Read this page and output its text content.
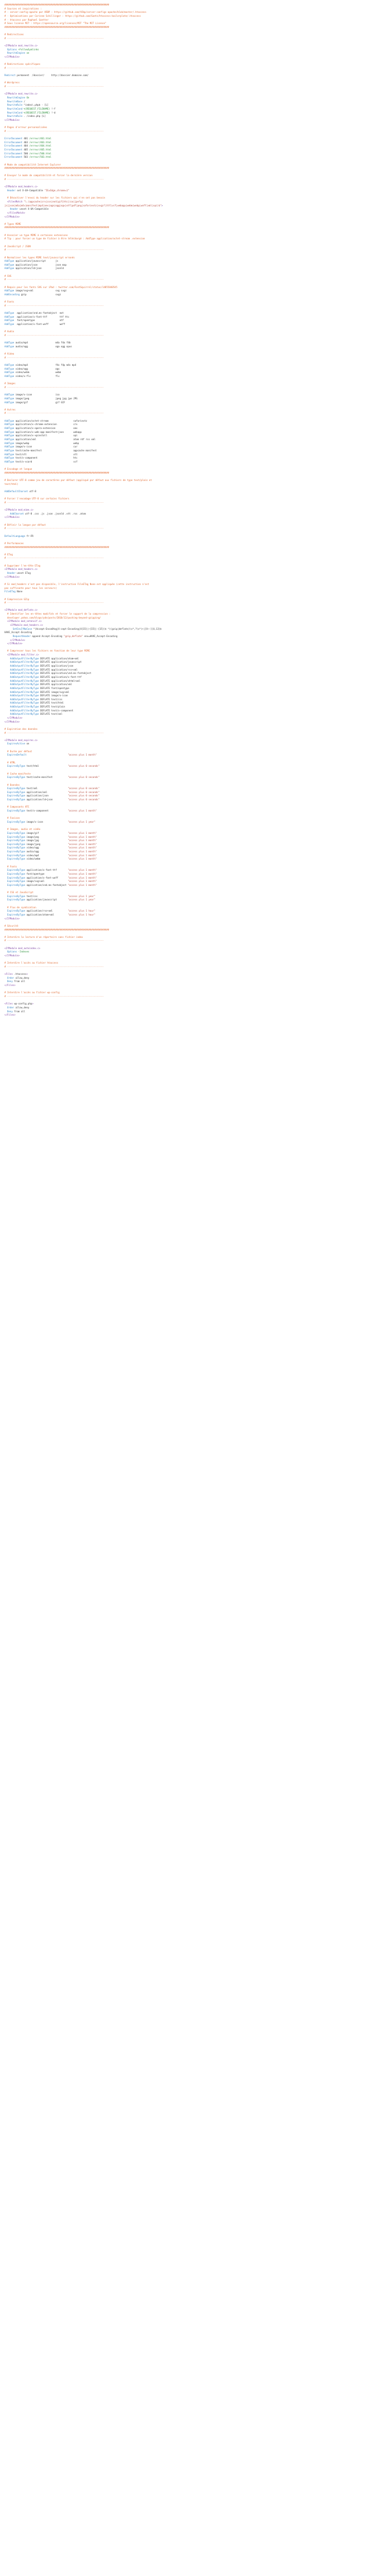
############################################################################
# Sources et inspirations :
# - server-config-apache par H5BP : https://github.com/h5bp/server-configs-apache/blob/master/.htaccess
# - Optimisations par Corinne Schillinger : https://github.com/Goetz/htaccess-boilerplate/.htaccess
# - htaccess par Raphael Goetter
# Sous licence MIT : https://opensource.org/licenses/MIT "The MIT License"
############################################################################

# Redirections
# ----------------------------------------------------------------------

<IfModule mod_rewrite.c>
Options +FollowSymlinks
RewriteEngine on
</IfModule>

# Redirections spécifiques
# ----------------------------------------------------------------------

Redirect permanent  /dossier/     http://dossier.domaine.com/

# Wordpress
# ----------------------------------------------------------------------

<IfModule mod_rewrite.c>
RewriteEngine On
RewriteBase /
RewriteRule ^index\.php$ - [L]
RewriteCond %{REQUEST_FILENAME} !-f
RewriteCond %{REQUEST_FILENAME} !-d
RewriteRule . /index.php [L]
</IfModule>

# Pages d'erreur personnalisées
# ----------------------------------------------------------------------

ErrorDocument 401 /erreur/401.html
ErrorDocument 403 /erreur/403.html
ErrorDocument 404 /erreur/404.html
ErrorDocument 405 /erreur/405.html
ErrorDocument 500 /erreur/500.html
ErrorDocument 503 /erreur/503.html

# Mode de compatibilité Internet Explorer
############################################################################

# Envoyer le mode de compatibilité et forcer la dernière version
# ----------------------------------------------------------------------

<IfModule mod_headers.c>
Header set X-UA-Compatible "IE=Edge,chrome=1"

# Désactiver l'envoi du header sur les fichiers qui n'en ont pas besoin
<FilesMatch "\.(appcache|crx|css|eot|gif|htc|ico|jpe?g|
js|json|m4a|m4v|manifest|mp4|oex|oga|ogg|ogv|otf|pdf|png|safariextz|svgz?|ttf|vcf|webapp|webm|webp|woff|xml|xpi)$">
Header unset X-UA-Compatible
</FilesMatch>
</IfModule>

# Types MIME
############################################################################

# Associer un type MIME à certaines extensions
# Tip : pour forcer un type de fichier à être téléchargé : AddType application/octet-stream .extension

# JavaScript / JSON
# ----------------------------------------------------------------------

# Normaliser les types MIME text/javascript erronés
AddType application/javascript       js
AddType application/json             json map
AddType application/ld+json          jsonld

# SVG
# ----------------------------------------------------------------------

# Requis pour les fonts SVG sur iPad : twitter.com/FontSquirrel/status/14855840545
AddType image/svg+xml                svg svgz
AddEncoding gzip                     svgz

# Fonts
# ----------------------------------------------------------------------

AddType  application/vnd.ms-fontobject  eot
AddType  application/x-font-ttf         ttf ttc
AddType  font/opentype                  otf
AddType  application/x-font-woff        woff

# Audio
# ----------------------------------------------------------------------

AddType audio/mp4                    m4a f4a f4b
AddType audio/ogg                    oga ogg opus

# Video
# ----------------------------------------------------------------------

AddType video/mp4                    f4v f4p m4v mp4
AddType video/ogg                    ogv
AddType video/webm                   webm
AddType video/x-flv                  flv

# Images
# ----------------------------------------------------------------------

AddType image/x-icon                 ico
AddType image/jpeg                   jpeg jpg jpe JPG
AddType image/gif                    gif GIF

# Autres
# ----------------------------------------------------------------------

AddType application/octet-stream                  safariextz
AddType application/x-chrome-extension            crx
AddType application/x-opera-extension             oex
AddType application/x-web-app-manifest+json       webapp
AddType application/x-xpinstall                   xpi
AddType application/xml                           atom rdf rss xml
AddType image/webp                                webp
AddType image/x-icon                              cur
AddType text/cache-manifest                       appcache manifest
AddType text/vtt                                  vtt
AddType text/x-component                          htc
AddType text/x-vcard                              vcf

# Encodage et langue
############################################################################

# Declarer UTF-8 comme jeu de caractères par défaut (appliqué par défaut aux fichiers de type text/plain et
text/html)

AddDefaultCharset utf-8

# Forcer l'encodage UTF-8 sur certains fichiers
# ----------------------------------------------------------------------

<IfModule mod_mime.c>
AddCharset utf-8 .css .js .json .jsonld .vtt .rss .atom
</IfModule>

# Définir la langue par défaut
# ----------------------------------------------------------------------

DefaultLanguage fr-FR

# Performances
############################################################################

# ETag
# ----------------------------------------------------------------------

# Supprimer l'en-tête ETag
<IfModule mod_headers.c>
Header unset ETag
</IfModule>

# Si mod_headers n'est pas disponible, l'instruction FileETag None est appliquée (cette instruction n'est
pas suffisante pour tous les serveurs)
FileETag None

# Compression GZip
# ----------------------------------------------------------------------

<IfModule mod_deflate.c>
# Identifier les en-têtes modifiés et forcer le support de la compression :
developer.yahoo.com/blogs/ydn/posts/2010/12/pushing-beyond-gzipping/
<IfModule mod_setenvif.c>
<IfModule mod_headers.c>
SetEnvIfNoCase ^(Accept-EncodXng|X-cept-Encoding|X{15}|~{15}|-{15})$ ^((gzip|deflate)\s*,?\s*)+|[X~-]{4,13}$
HAVE_Accept-Encoding
RequestHeader append Accept-Encoding "gzip,deflate" env=HAVE_Accept-Encoding
</IfModule>
</IfModule>

# Compresser tous les fichiers en fonction de leur type MIME
<IfModule mod_filter.c>
AddOutputFilterByType DEFLATE application/atom+xml
AddOutputFilterByType DEFLATE application/javascript
AddOutputFilterByType DEFLATE application/json
AddOutputFilterByType DEFLATE application/rss+xml
AddOutputFilterByType DEFLATE application/vnd.ms-fontobject
AddOutputFilterByType DEFLATE application/x-font-ttf
AddOutputFilterByType DEFLATE application/xhtml+xml
AddOutputFilterByType DEFLATE application/xml
AddOutputFilterByType DEFLATE font/opentype
AddOutputFilterByType DEFLATE image/svg+xml
AddOutputFilterByType DEFLATE image/x-icon
AddOutputFilterByType DEFLATE text/css
AddOutputFilterByType DEFLATE text/html
AddOutputFilterByType DEFLATE text/plain
AddOutputFilterByType DEFLATE text/x-component
AddOutputFilterByType DEFLATE text/xml
</IfModule>
</IfModule>

# Expiration des données
# ----------------------------------------------------------------------

<IfModule mod_expires.c>
ExpiresActive on

# Durée par défaut
ExpiresDefault                              "access plus 1 month"

# HTML
ExpiresByType text/html                     "access plus 0 seconds"

# Cache manifeste
ExpiresByType text/cache-manifest           "access plus 0 seconds"

# Données
ExpiresByType text/xml                      "access plus 0 seconds"
ExpiresByType application/xml               "access plus 0 seconds"
ExpiresByType application/json              "access plus 0 seconds"
ExpiresByType application/ld+json           "access plus 0 seconds"

# Composants HTC
ExpiresByType text/x-component              "access plus 1 month"

# Favicon
ExpiresByType image/x-icon                  "access plus 1 year"

# Images, audio et vidéo
ExpiresByType image/gif                     "access plus 1 month"
ExpiresByType image/png                     "access plus 1 month"
ExpiresByType image/jpg                     "access plus 1 month"
ExpiresByType image/jpeg                    "access plus 1 month"
ExpiresByType video/ogg                     "access plus 1 month"
ExpiresByType audio/ogg                     "access plus 1 month"
ExpiresByType video/mp4                     "access plus 1 month"
ExpiresByType video/webm                    "access plus 1 month"

# Fonts
ExpiresByType application/x-font-ttf        "access plus 1 month"
ExpiresByType font/opentype                 "access plus 1 month"
ExpiresByType application/x-font-woff       "access plus 1 month"
ExpiresByType image/svg+xml                 "access plus 1 month"
ExpiresByType application/vnd.ms-fontobject "access plus 1 month"

# CSS et JavaScript
ExpiresByType text/css                      "access plus 1 year"
ExpiresByType application/javascript        "access plus 1 year"

# Flux de syndication
ExpiresByType application/rss+xml           "access plus 1 hour"
ExpiresByType application/atom+xml          "access plus 1 hour"
</IfModule>

# Sécurité
############################################################################

# Interdire la lecture d'un répertoire sans fichier index
# ----------------------------------------------------------------------

<IfModule mod_autoindex.c>
Options -Indexes
</IfModule>

# Interdire l'accès au fichier htaccess
# ----------------------------------------------------------------------

<Files .htaccess>
Order allow,deny
Deny from all
</Files>

# Interdire l'accès au fichier wp-config
# ----------------------------------------------------------------------

<Files wp-config.php>
Order allow,deny
Deny from all
</Files>
